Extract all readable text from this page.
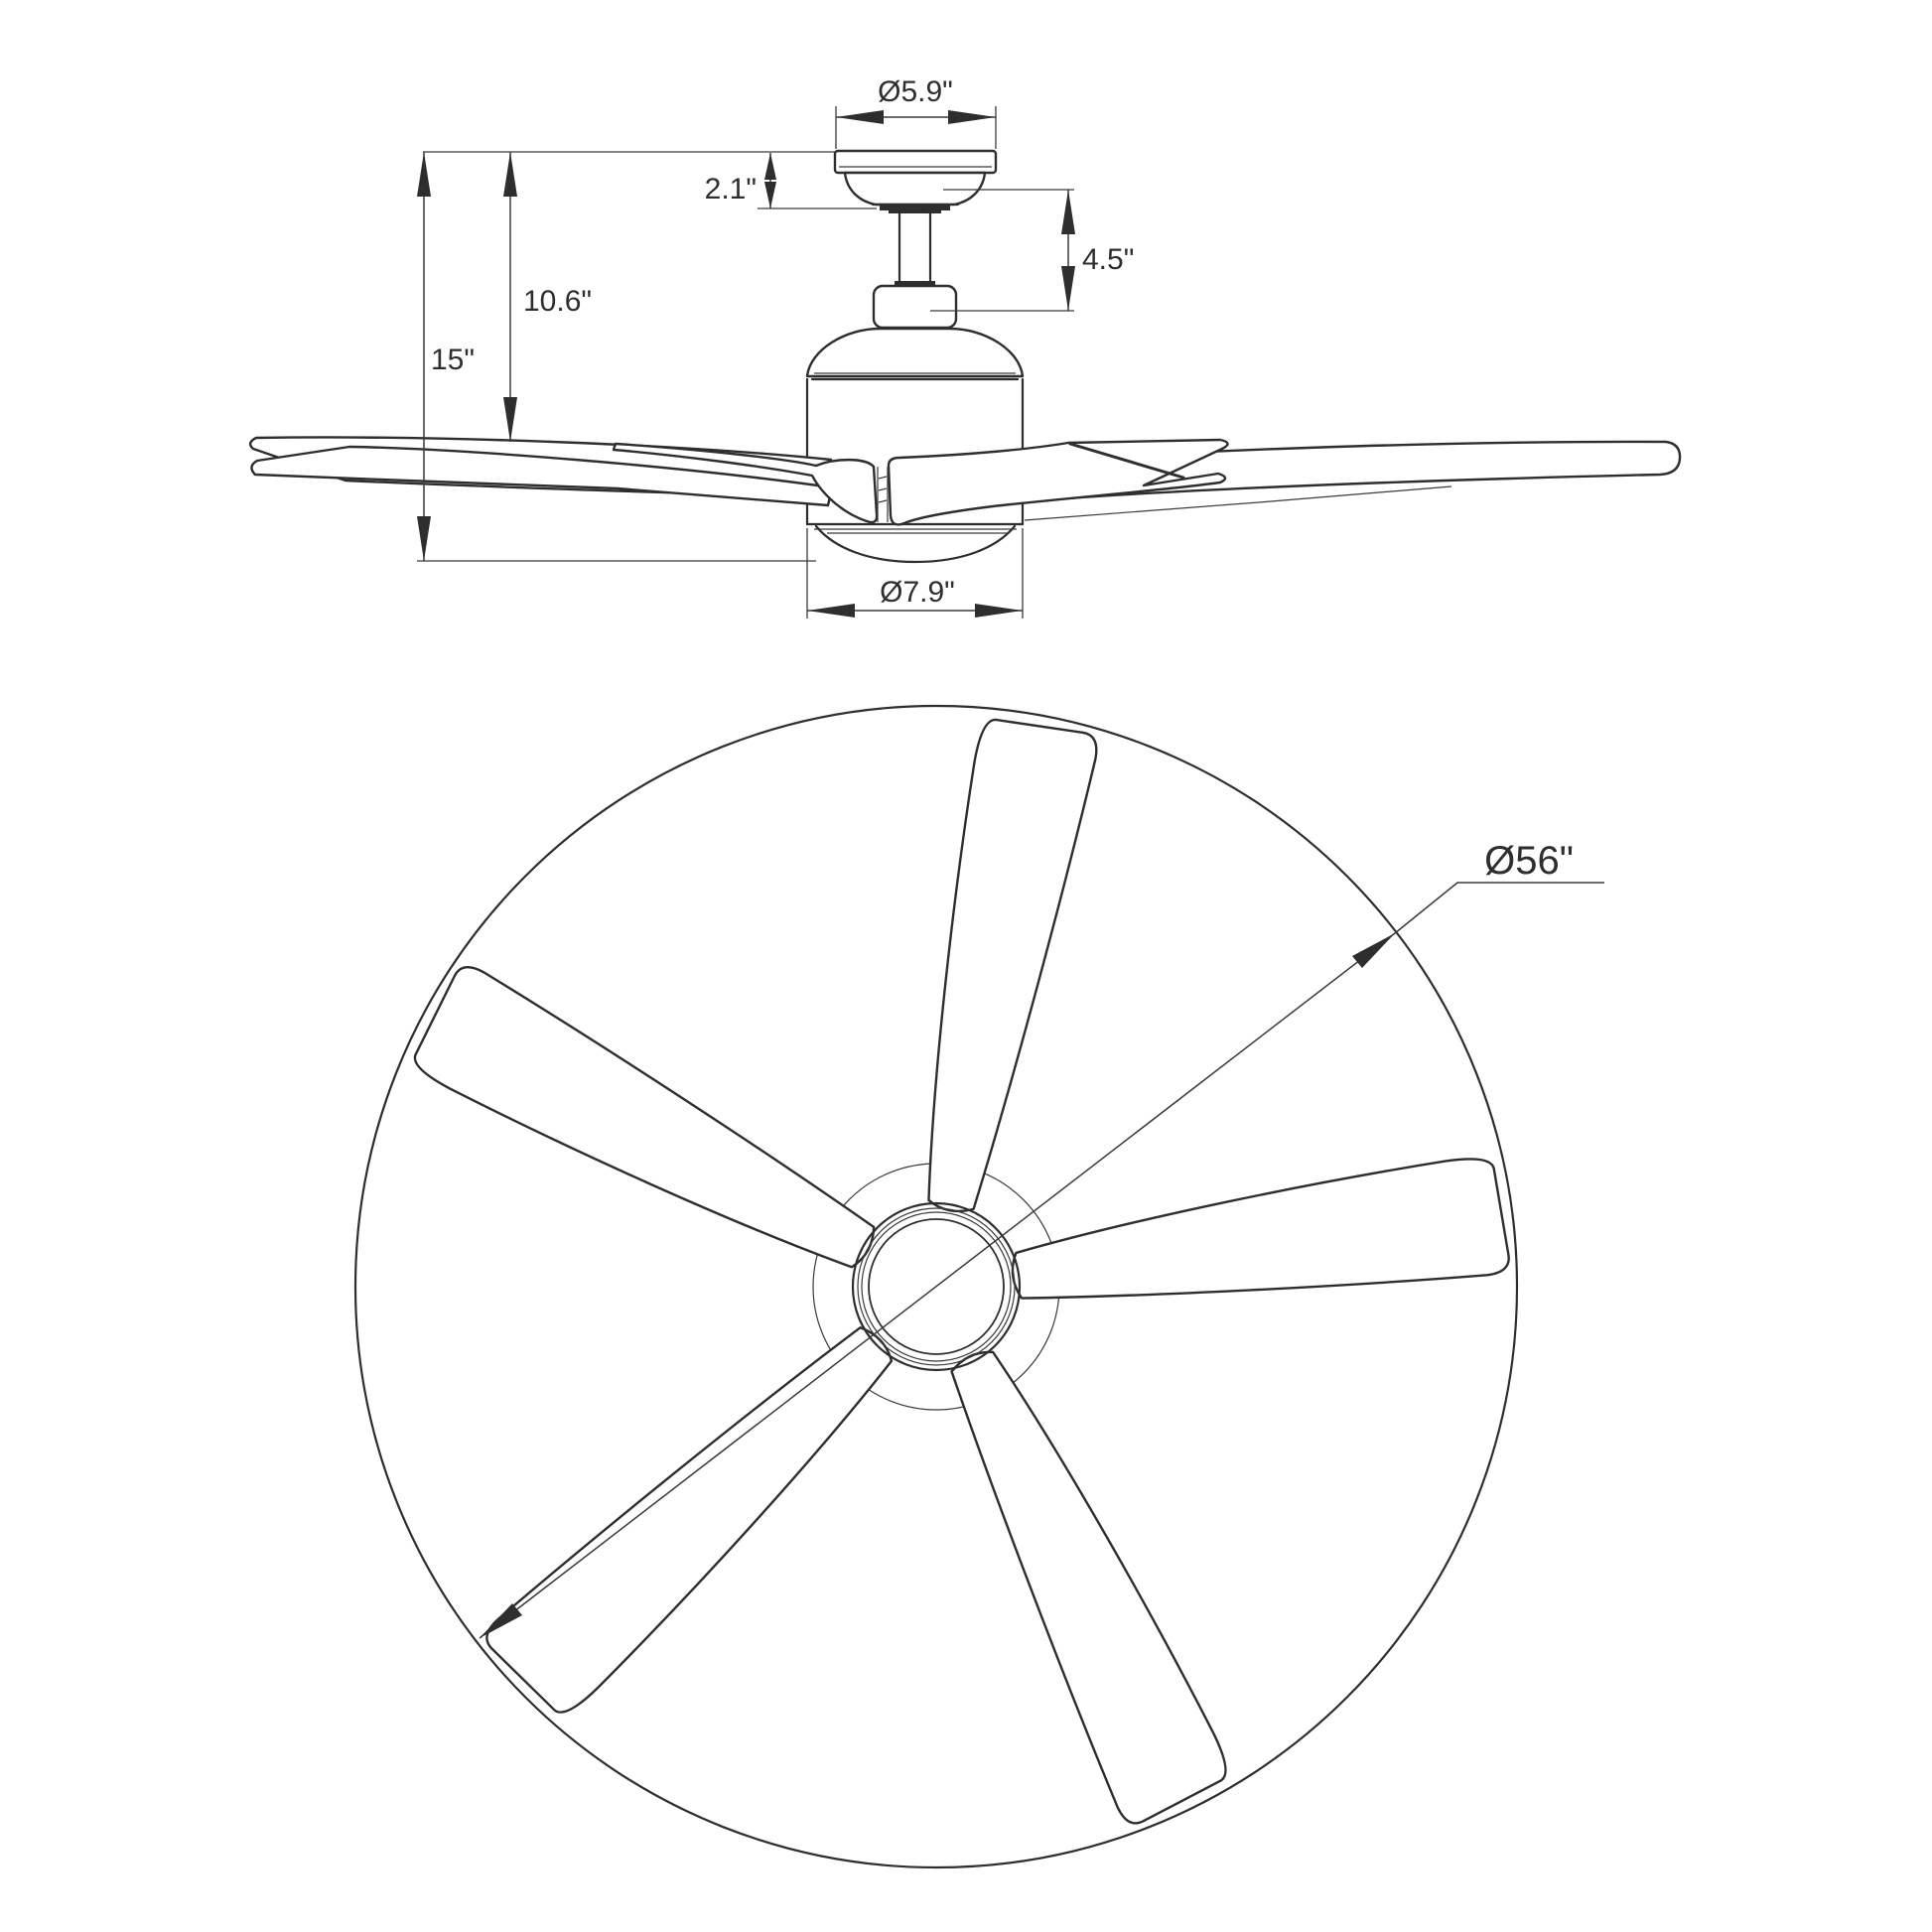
Ø5.9"
2.1"
4.5"
10.6"
15"
Ø7.9"
Ø56"
